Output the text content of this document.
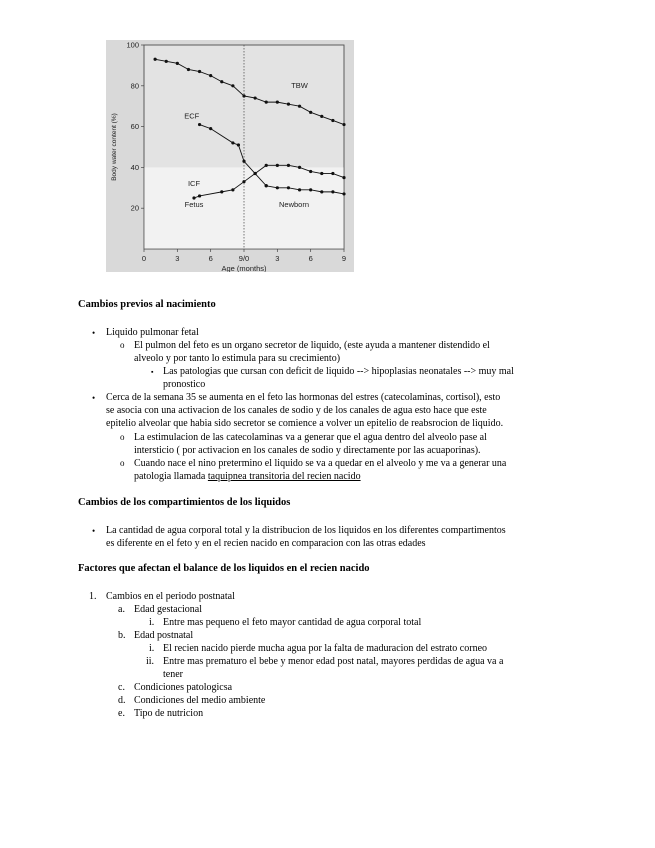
20
40
60
80
100
0	3	6	9/0	3	6	9
Age (months)
Body water content (%)
Fetus	Newborn
TBW
ECF
ICF
Cambios previos al nacimiento
• Liquido pulmonar fetal
o El pulmon del feto es un organo secretor de liquido, (este ayuda a mantener distendido el
alveolo y por tanto lo estimula para su crecimiento)
▪ Las patologias que cursan con deficit de liquido --> hipoplasias neonatales --> muy mal
pronostico
• Cerca de la semana 35 se aumenta en el feto las hormonas del estres (catecolaminas, cortisol), esto
se asocia con una activacion de los canales de sodio y de los canales de agua esto hace que este
epitelio alveolar que habia sido secretor se comience a volver un epitelio de reabsrocion de liquido.
o La estimulacion de las catecolaminas va a generar que el agua dentro del alveolo pase al
intersticio ( por activacion en los canales de sodio y directamente por las acuaporinas).
o Cuando nace el nino pretermino el liquido se va a quedar en el alveolo y me va a generar una
patologia llamada taquipnea transitoria del recien nacido
Cambios de los compartimientos de los liquidos
• La cantidad de agua corporal total y la distribucion de los liquidos en los diferentes compartimentos
es diferente en el feto y en el recien nacido en comparacion con las otras edades
Factores que afectan el balance de los liquidos en el recien nacido
1. Cambios en el periodo postnatal
a. Edad gestacional
i. Entre mas pequeno el feto mayor cantidad de agua corporal total
b. Edad postnatal
i. El recien nacido pierde mucha agua por la falta de maduracion del estrato corneo
ii. Entre mas prematuro el bebe y menor edad post natal, mayores perdidas de agua va a
tener
c. Condiciones patologicsa
d. Condiciones del medio ambiente
e. Tipo de nutricion
